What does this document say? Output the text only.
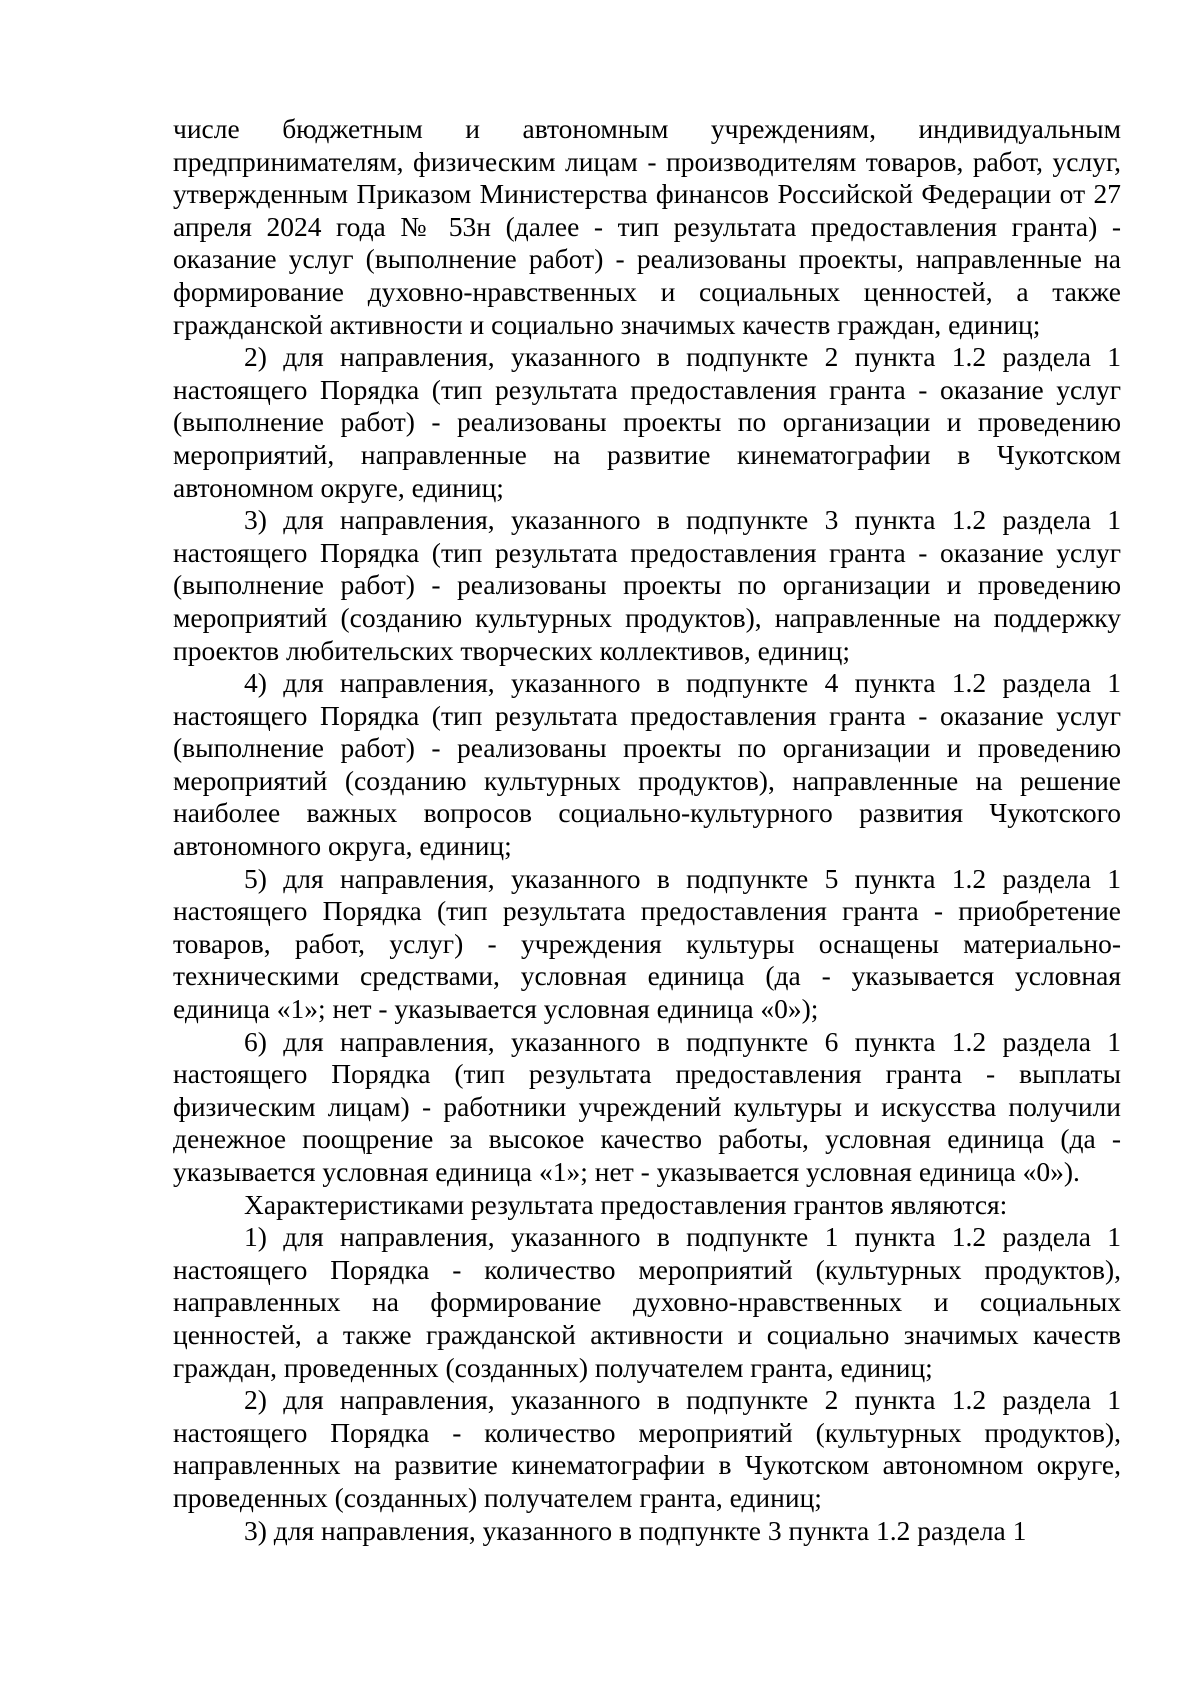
числе бюджетным и автономным учреждениям, индивидуальным предпринимателям, физическим лицам - производителям товаров, работ, услуг, утвержденным Приказом Министерства финансов Российской Федерации от 27 апреля 2024 года № 53н (далее - тип результата предоставления гранта) - оказание услуг (выполнение работ) - реализованы проекты, направленные на формирование духовно-нравственных и социальных ценностей, а также гражданской активности и социально значимых качеств граждан, единиц;

2) для направления, указанного в подпункте 2 пункта 1.2 раздела 1 настоящего Порядка (тип результата предоставления гранта - оказание услуг (выполнение работ) - реализованы проекты по организации и проведению мероприятий, направленные на развитие кинематографии в Чукотском автономном округе, единиц;

3) для направления, указанного в подпункте 3 пункта 1.2 раздела 1 настоящего Порядка (тип результата предоставления гранта - оказание услуг (выполнение работ) - реализованы проекты по организации и проведению мероприятий (созданию культурных продуктов), направленные на поддержку проектов любительских творческих коллективов, единиц;

4) для направления, указанного в подпункте 4 пункта 1.2 раздела 1 настоящего Порядка (тип результата предоставления гранта - оказание услуг (выполнение работ) - реализованы проекты по организации и проведению мероприятий (созданию культурных продуктов), направленные на решение наиболее важных вопросов социально-культурного развития Чукотского автономного округа, единиц;

5) для направления, указанного в подпункте 5 пункта 1.2 раздела 1 настоящего Порядка (тип результата предоставления гранта - приобретение товаров, работ, услуг) - учреждения культуры оснащены материально-техническими средствами, условная единица (да - указывается условная единица «1»; нет - указывается условная единица «0»);

6) для направления, указанного в подпункте 6 пункта 1.2 раздела 1 настоящего Порядка (тип результата предоставления гранта - выплаты физическим лицам) - работники учреждений культуры и искусства получили денежное поощрение за высокое качество работы, условная единица (да - указывается условная единица «1»; нет - указывается условная единица «0»).

Характеристиками результата предоставления грантов являются:

1) для направления, указанного в подпункте 1 пункта 1.2 раздела 1 настоящего Порядка - количество мероприятий (культурных продуктов), направленных на формирование духовно-нравственных и социальных ценностей, а также гражданской активности и социально значимых качеств граждан, проведенных (созданных) получателем гранта, единиц;

2) для направления, указанного в подпункте 2 пункта 1.2 раздела 1 настоящего Порядка - количество мероприятий (культурных продуктов), направленных на развитие кинематографии в Чукотском автономном округе, проведенных (созданных) получателем гранта, единиц;

3) для направления, указанного в подпункте 3 пункта 1.2 раздела 1
